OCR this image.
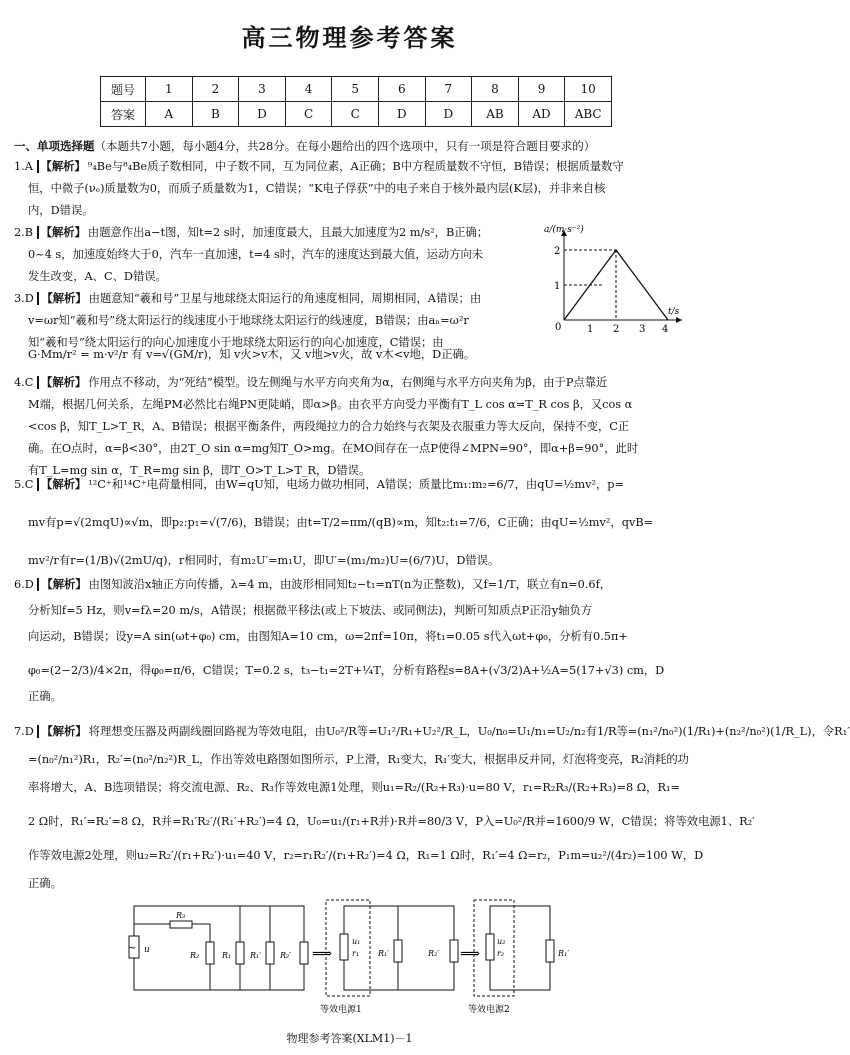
高三物理参考答案
题号	1	2	3	4	5	6	7	8	9	10
答案	A	B	D	C	C	D	D	AB	AD	ABC
一、单项选择题（本题共7小题，每小题4分，共28分。在每小题给出的四个选项中，只有一项是符合题目要求的）

1.A 【解析】 ⁹₄Be与⁸₄Be质子数相同，中子数不同，互为同位素，A正确；B中方程质量数不守恒，B错误；根据质量数守

恒，中微子(νₑ)质量数为0，而质子质量数为1，C错误；“K电子俘获”中的电子来自于核外最内层(K层)，并非来自核

内，D错误。

2.B 【解析】 由题意作出a−t图，知t=2 s时，加速度最大，且最大加速度为2 m/s²，B正确；

0~4 s，加速度始终大于0，汽车一直加速，t=4 s时，汽车的速度达到最大值，运动方向未

发生改变，A、C、D错误。

3.D 【解析】 由题意知“羲和号”卫星与地球绕太阳运行的角速度相同，周期相同，A错误；由

v=ωr知“羲和号”绕太阳运行的线速度小于地球绕太阳运行的线速度，B错误；由aₙ=ω²r

知“羲和号”绕太阳运行的向心加速度小于地球绕太阳运行的向心加速度，C错误；由

G·Mm/r² = m·v²/r 有 v=√(GM/r)，知 v火>v木，又 v地>v火，故 v木<v地，D正确。

0	1 2 3 4
1
2
a/(m·s⁻²)
t/s

4.C 【解析】 作用点不移动，为“死结”模型。设左侧绳与水平方向夹角为α，右侧绳与水平方向夹角为β，由于P点靠近

M端，根据几何关系，左绳PM必然比右绳PN更陡峭，即α>β。由衣平方向受力平衡有T_L cos α=T_R cos β，又cos α

<cos β，知T_L>T_R，A、B错误；根据平衡条件，两段绳拉力的合力始终与衣架及衣服重力等大反向，保持不变，C正

确。在O点时，α=β<30°，由2T_O sin α=mg知T_O>mg。在MO间存在一点P使得∠MPN=90°，即α+β=90°，此时

有T_L=mg sin α，T_R=mg sin β，即T_O>T_L>T_R，D错误。

5.C 【解析】 ¹²C⁺和¹⁴C⁺电荷量相同，由W=qU知，电场力做功相同，A错误；质量比m₁:m₂=6/7，由qU=½mv²，p=

mv有p=√(2mqU)∝√m，即p₂:p₁=√(7/6)，B错误；由t=T/2=πm/(qB)∝m，知t₂:t₁=7/6，C正确；由qU=½mv²，qvB=

mv²/r有r=(1/B)√(2mU/q)，r相同时，有m₂U′=m₁U，即U′=(m₁/m₂)U=(6/7)U，D错误。

6.D 【解析】 由图知波沿x轴正方向传播，λ=4 m，由波形相同知t₂−t₁=nT(n为正整数)，又f=1/T，联立有n=0.6f，

分析知f=5 Hz，则v=fλ=20 m/s，A错误；根据微平移法(或上下坡法、或同侧法)，判断可知质点P正沿y轴负方

向运动，B错误；设y=A sin(ωt+φ₀) cm，由图知A=10 cm，ω=2πf=10π，将t₁=0.05 s代入ωt+φ₀，分析有0.5π+

φ₀=(2−2/3)/4×2π，得φ₀=π/6，C错误；T=0.2 s，t₃−t₁=2T+¼T，分析有路程s=8A+(√3/2)A+½A=5(17+√3) cm，D

正确。

7.D 【解析】 将理想变压器及两副线圈回路视为等效电阻，由U₀²/R等=U₁²/R₁+U₂²/R_L，U₀/n₀=U₁/n₁=U₂/n₂有1/R等=(n₁²/n₀²)(1/R₁)+(n₂²/n₀²)(1/R_L)，令R₁′

=(n₀²/n₁²)R₁，R₂′=(n₀²/n₂²)R_L，作出等效电路图如图所示，P上滑，R₁变大，R₁′变大，根据串反并同，灯泡将变亮，R₂消耗的功

率将增大，A、B选项错误；将交流电源、R₂、R₃作等效电源1处理，则u₁=R₂/(R₂+R₃)·u=80 V，r₁=R₂R₃/(R₂+R₃)=8 Ω，R₁=

2 Ω时，R₁′=R₂′=8 Ω，R并=R₁′R₂′/(R₁′+R₂′)=4 Ω，U₀=u₁/(r₁+R并)·R并=80/3 V，P入=U₀²/R并=1600/9 W，C错误；将等效电源1、R₂′

作等效电源2处理，则u₂=R₂′/(r₁+R₂′)·u₁=40 V，r₂=r₁R₂′/(r₁+R₂′)=4 Ω，R₁=1 Ω时，R₁′=4 Ω=r₂，P₁m=u₂²/(4r₂)=100 W，D

正确。

~ u
R₃
R₂	R₁ R₁′ R₂′ ⟹
u₁
r₁ R₁′	R₂′
等效电源1
⟹
u₂
r₂	R₁′
等效电源2
物理参考答案(XLM1)－1
